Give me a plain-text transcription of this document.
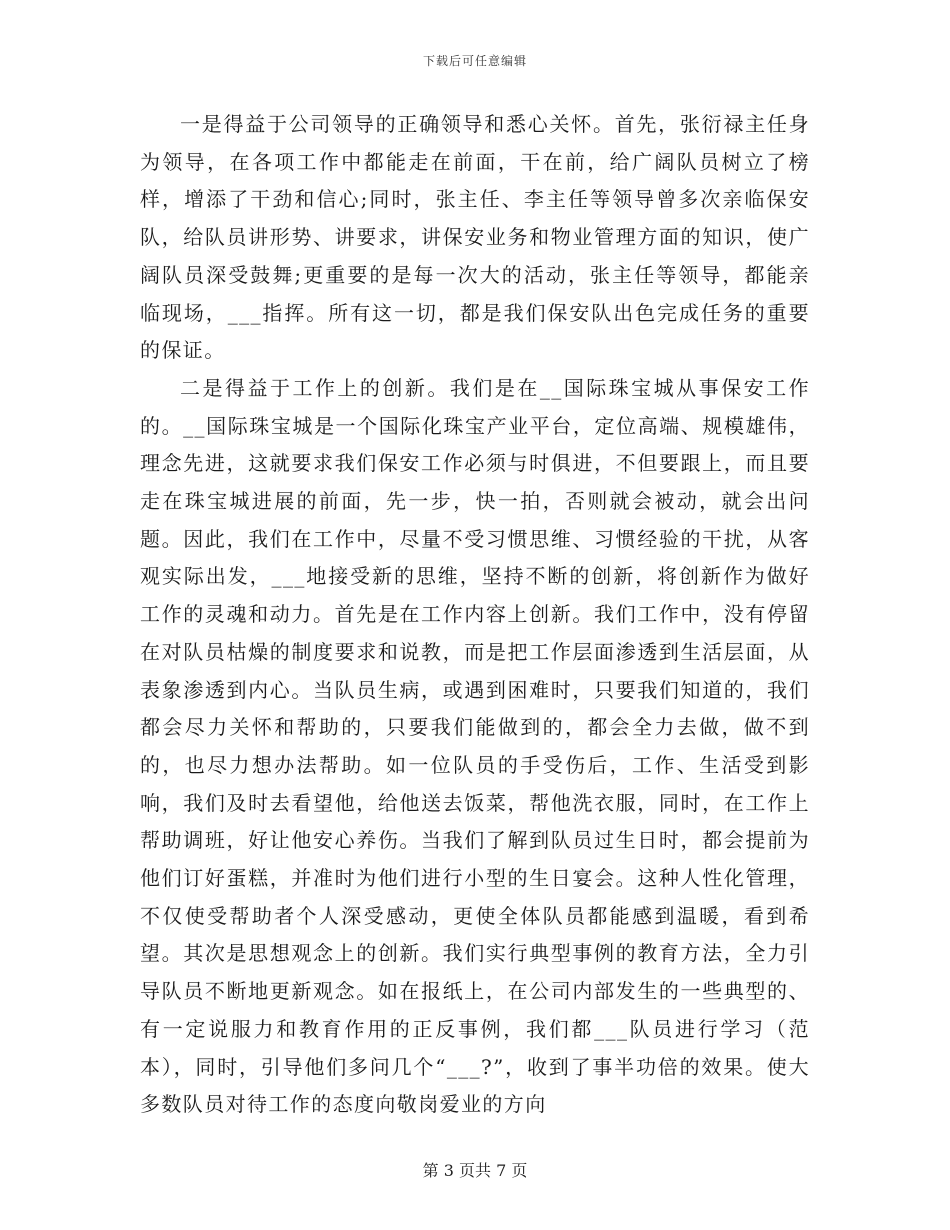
下载后可任意编辑

一是得益于公司领导的正确领导和悉心关怀。首先，张衍禄主任身为领导，在各项工作中都能走在前面，干在前，给广阔队员树立了榜样，增添了干劲和信心;同时，张主任、李主任等领导曾多次亲临保安队，给队员讲形势、讲要求，讲保安业务和物业管理方面的知识，使广阔队员深受鼓舞;更重要的是每一次大的活动，张主任等领导，都能亲临现场，___指挥。所有这一切，都是我们保安队出色完成任务的重要的保证。

二是得益于工作上的创新。我们是在__国际珠宝城从事保安工作的。__国际珠宝城是一个国际化珠宝产业平台，定位高端、规模雄伟，理念先进，这就要求我们保安工作必须与时俱进，不但要跟上，而且要走在珠宝城进展的前面，先一步，快一拍，否则就会被动，就会出问题。因此，我们在工作中，尽量不受习惯思维、习惯经验的干扰，从客观实际出发，___地接受新的思维，坚持不断的创新，将创新作为做好工作的灵魂和动力。首先是在工作内容上创新。我们工作中，没有停留在对队员枯燥的制度要求和说教，而是把工作层面渗透到生活层面，从表象渗透到内心。当队员生病，或遇到困难时，只要我们知道的，我们都会尽力关怀和帮助的，只要我们能做到的，都会全力去做，做不到的，也尽力想办法帮助。如一位队员的手受伤后，工作、生活受到影响，我们及时去看望他，给他送去饭菜，帮他洗衣服，同时，在工作上帮助调班，好让他安心养伤。当我们了解到队员过生日时，都会提前为他们订好蛋糕，并准时为他们进行小型的生日宴会。这种人性化管理，不仅使受帮助者个人深受感动，更使全体队员都能感到温暖，看到希望。其次是思想观念上的创新。我们实行典型事例的教育方法，全力引导队员不断地更新观念。如在报纸上，在公司内部发生的一些典型的、有一定说服力和教育作用的正反事例，我们都___队员进行学习（范本），同时，引导他们多问几个“___?”，收到了事半功倍的效果。使大多数队员对待工作的态度向敬岗爱业的方向

第 3 页共 7 页
